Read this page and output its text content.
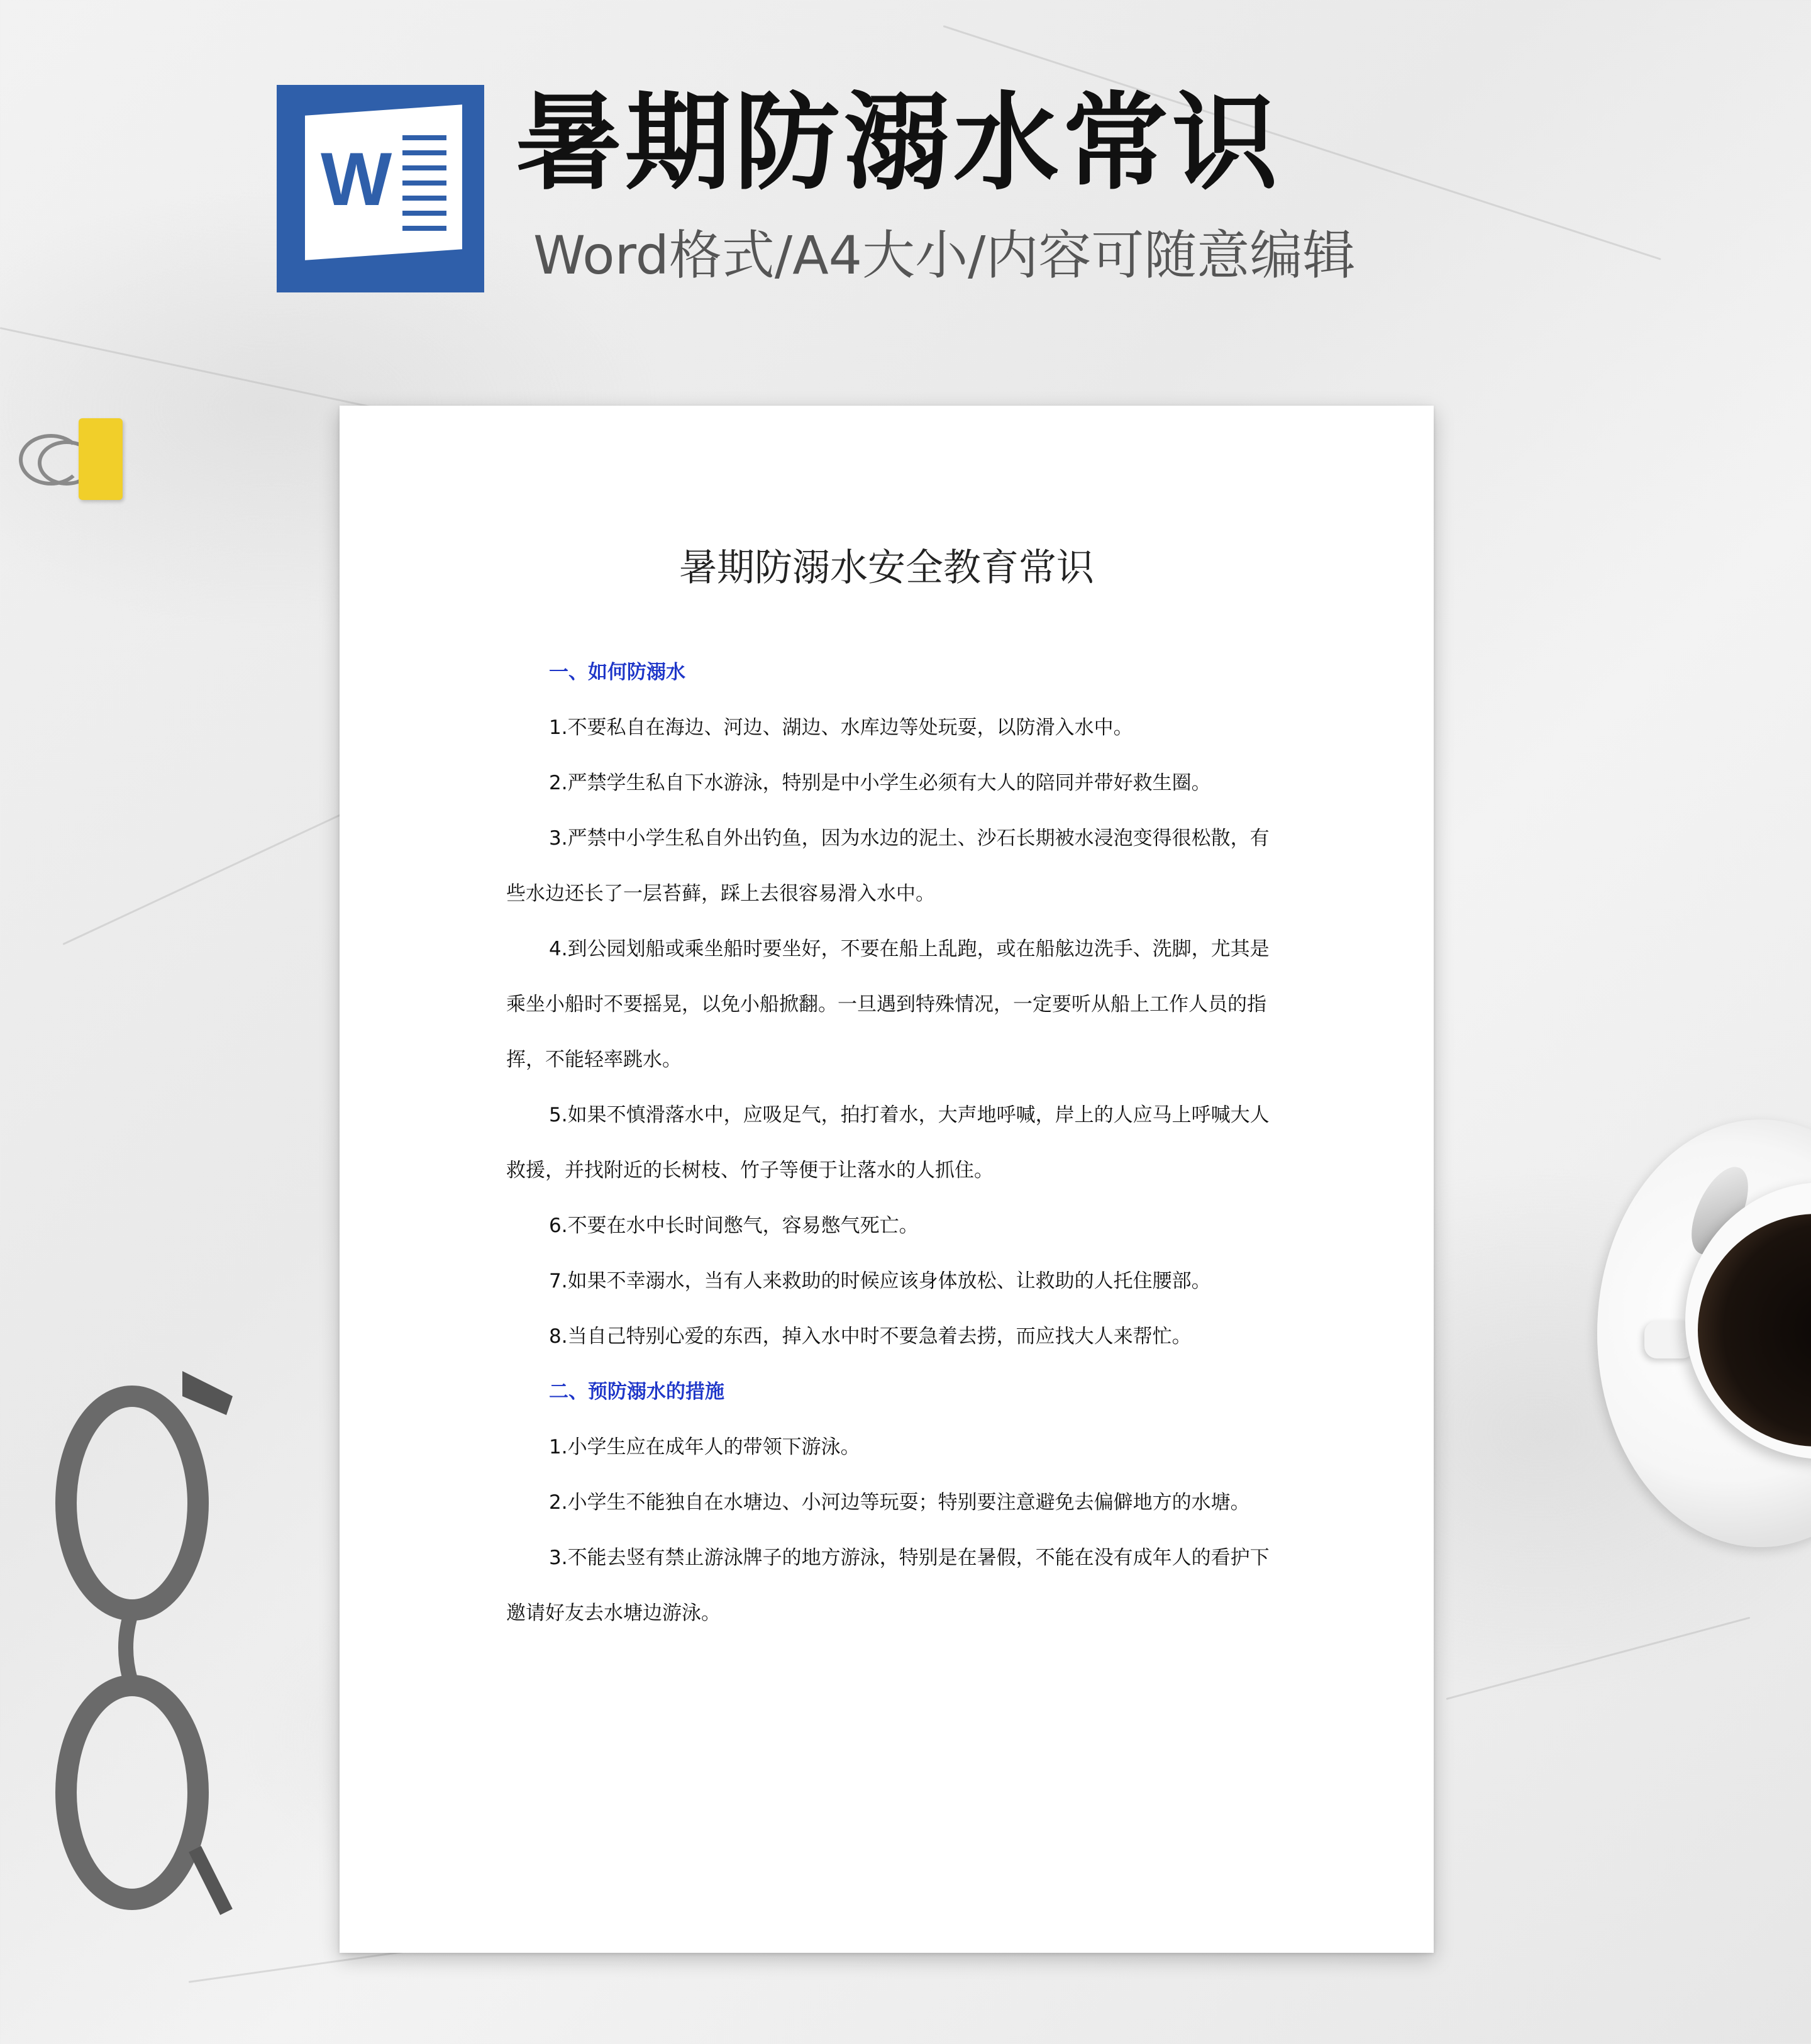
W 暑期防溺水常识
Word格式/A4大小/内容可随意编辑
暑期防溺水安全教育常识

一、如何防溺水

1.不要私自在海边、河边、湖边、水库边等处玩耍，以防滑入水中。

2.严禁学生私自下水游泳，特别是中小学生必须有大人的陪同并带好救生圈。

3.严禁中小学生私自外出钓鱼，因为水边的泥土、沙石长期被水浸泡变得很松散，有些水边还长了一层苔藓，踩上去很容易滑入水中。

4.到公园划船或乘坐船时要坐好，不要在船上乱跑，或在船舷边洗手、洗脚，尤其是乘坐小船时不要摇晃，以免小船掀翻。一旦遇到特殊情况，一定要听从船上工作人员的指挥，不能轻率跳水。

5.如果不慎滑落水中，应吸足气，拍打着水，大声地呼喊，岸上的人应马上呼喊大人救援，并找附近的长树枝、竹子等便于让落水的人抓住。

6.不要在水中长时间憋气，容易憋气死亡。

7.如果不幸溺水，当有人来救助的时候应该身体放松、让救助的人托住腰部。

8.当自己特别心爱的东西，掉入水中时不要急着去捞，而应找大人来帮忙。

二、预防溺水的措施

1.小学生应在成年人的带领下游泳。

2.小学生不能独自在水塘边、小河边等玩耍；特别要注意避免去偏僻地方的水塘。

3.不能去竖有禁止游泳牌子的地方游泳，特别是在暑假，不能在没有成年人的看护下邀请好友去水塘边游泳。
